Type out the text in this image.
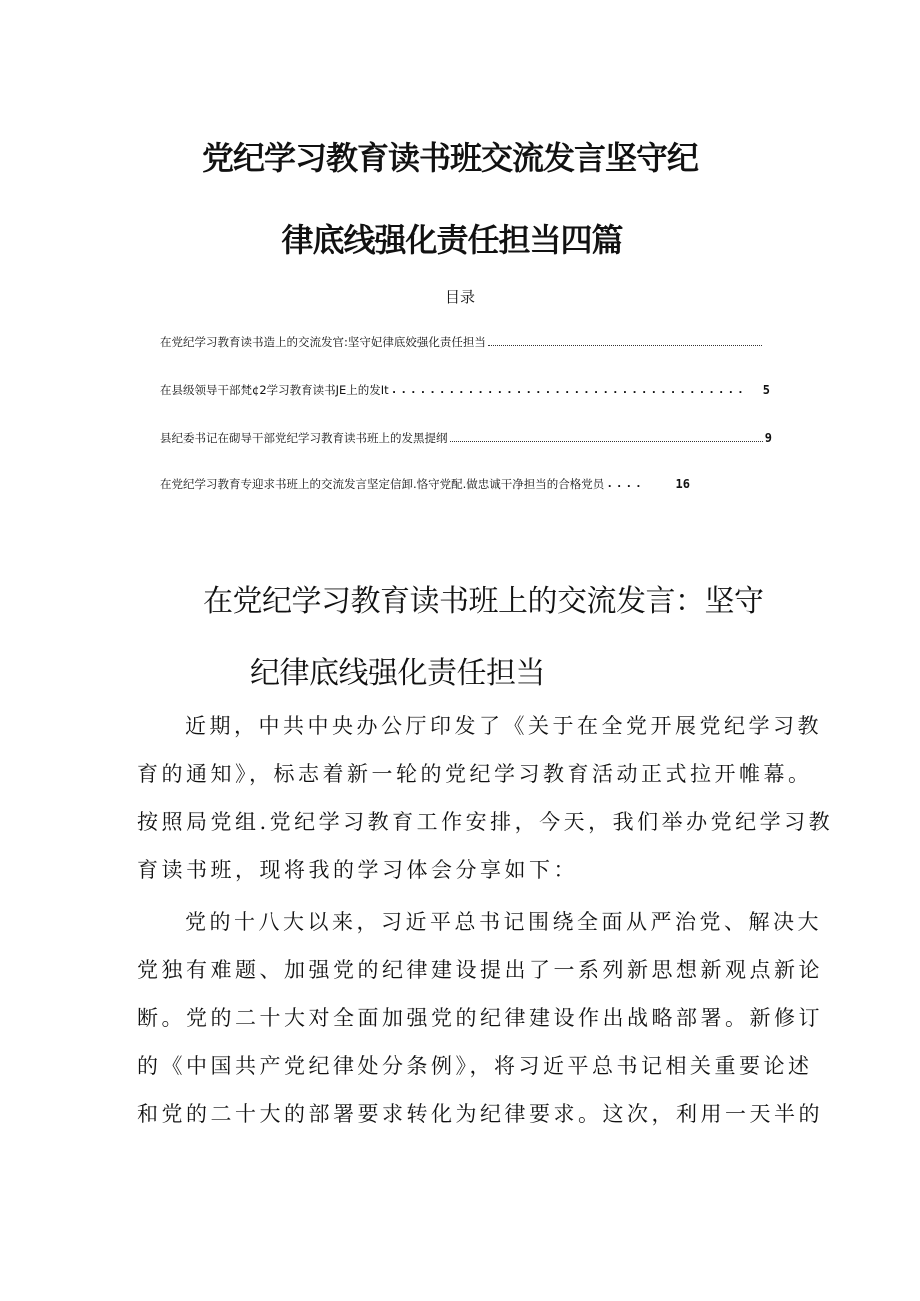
党纪学习教育读书班交流发言坚守纪
律底线强化责任担当四篇
目录
在党纪学习教育读书造上的交流发官:坚守妃律底姣强化责任担当
在县级领导干部梵¢2学习教育读书JE上的发It .....................................	5
县纪委书记在砌导干部党纪学习教育读书班上的发黑提纲	9
在党纪学习教育专迎求书班上的交流发言坚定信卸.恪守党配.做忠诚干净担当的合格党员 ....	16
在党纪学习教育读书班上的交流发言：坚守
纪律底线强化责任担当
近期，中共中央办公厅印发了《关于在全党开展党纪学习教
育的通知》，标志着新一轮的党纪学习教育活动正式拉开帷幕。
按照局党组.党纪学习教育工作安排，今天，我们举办党纪学习教
育读书班，现将我的学习体会分享如下：
党的十八大以来，习近平总书记围绕全面从严治党、解决大
党独有难题、加强党的纪律建设提出了一系列新思想新观点新论
断。党的二十大对全面加强党的纪律建设作出战略部署。新修订
的《中国共产党纪律处分条例》，将习近平总书记相关重要论述
和党的二十大的部署要求转化为纪律要求。这次，利用一天半的
